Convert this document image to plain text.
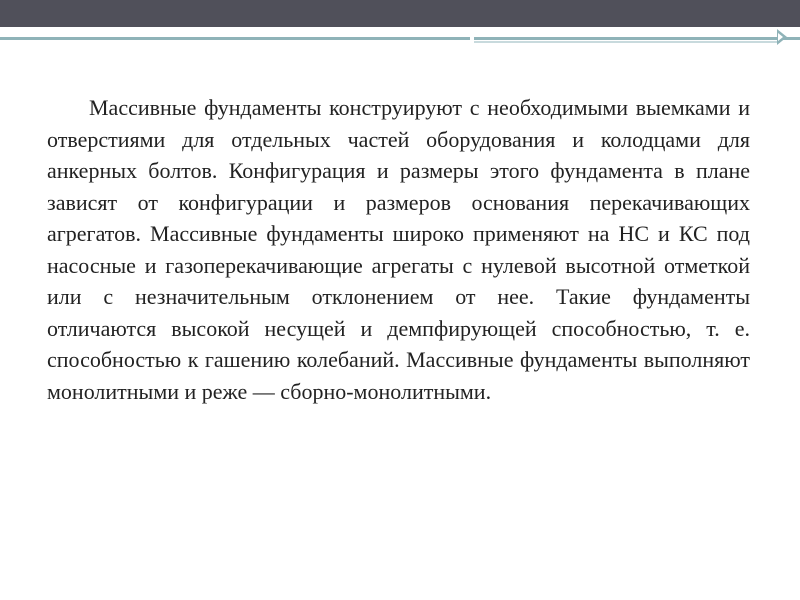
Массивные фундаменты конструируют с необходимыми выемками и отверстиями для отдельных частей оборудования и колодцами для анкерных болтов. Конфигурация и размеры этого фундамента в плане зависят от конфигурации и размеров основания перекачивающих агрегатов. Массивные фундаменты широко применяют на НС и КС под насосные и газоперекачивающие агрегаты с нулевой высотной отметкой или с незначительным отклонением от нее. Такие фундаменты отличаются высокой несущей и демпфирующей способностью, т. е. способностью к гашению колебаний. Массивные фундаменты выполняют монолитными и реже — сборно-монолитными.
